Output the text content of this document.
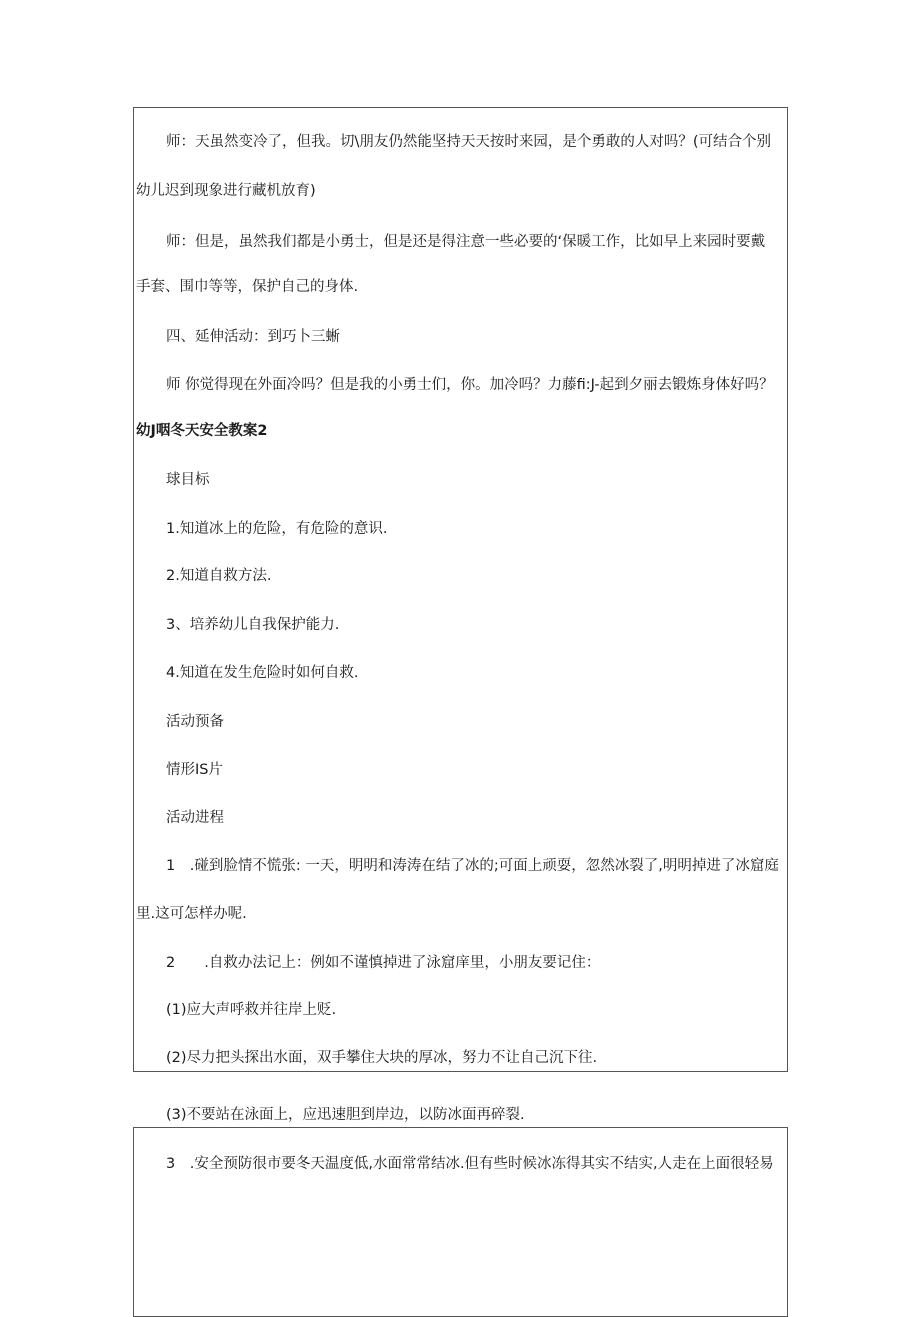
师：天虽然变冷了，但我。切\朋友仍然能坚持天天按时来园，是个勇敢的人对吗？(可结合个别
幼儿迟到现象进行藏机放育)
师：但是，虽然我们都是小勇士，但是还是得注意一些必要的‘保暖工作，比如早上来园时要戴
手套、围巾等等，保护自己的身体.
四、延伸活动：到巧卜三蜥
师 你觉得现在外面冷吗？但是我的小勇士们，你。加冷吗？力藤fi:J-起到夕丽去锻炼身体好吗？
幼J咽冬天安全教案2
球目标
1.知道冰上的危险，有危险的意识.
2.知道自救方法.
3、培养幼儿自我保护能力.
4.知道在发生危险时如何自救.
活动预备
情形IS片
活动进程
1　.碰到脸情不慌张: 一天，明明和涛涛在结了冰的;可面上顽耍，忽然冰裂了,明明掉进了冰窟庭
里.这可怎样办呢.
2　　.自救办法记上：例如不谨慎掉进了泳窟庠里，小朋友要记住：
(1)应大声呼救并往岸上贬.
(2)尽力把头探出水面，双手攀住大块的厚冰，努力不让自己沉下往.
(3)不要站在泳面上，应迅速胆到岸边，以防冰面再碎裂.
3　.安全预防很市要冬天温度低,水面常常结冰.但有些时候冰冻得其实不结实,人走在上面很轻易
